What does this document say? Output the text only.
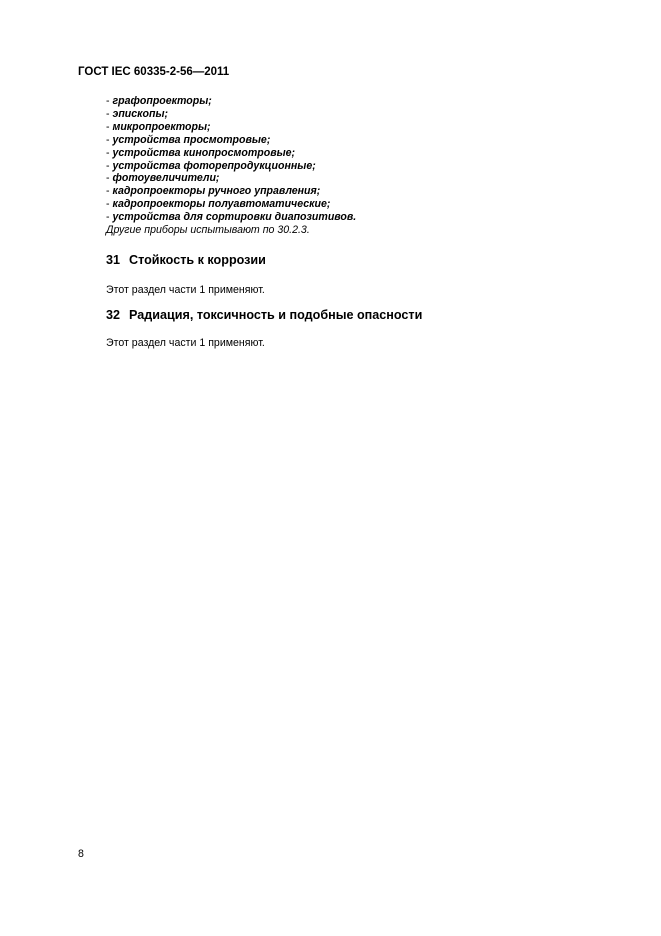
ГОСТ IEC 60335-2-56—2011
- графопроекторы;
- эпископы;
- микропроекторы;
- устройства просмотровые;
- устройства кинопросмотровые;
- устройства фоторепродукционные;
- фотоувеличители;
- кадропроекторы ручного управления;
- кадропроекторы полуавтоматические;
- устройства для сортировки диапозитивов.
Другие приборы испытывают по 30.2.3.
31 Стойкость к коррозии
Этот раздел части 1 применяют.
32 Радиация, токсичность и подобные опасности
Этот раздел части 1 применяют.
8
